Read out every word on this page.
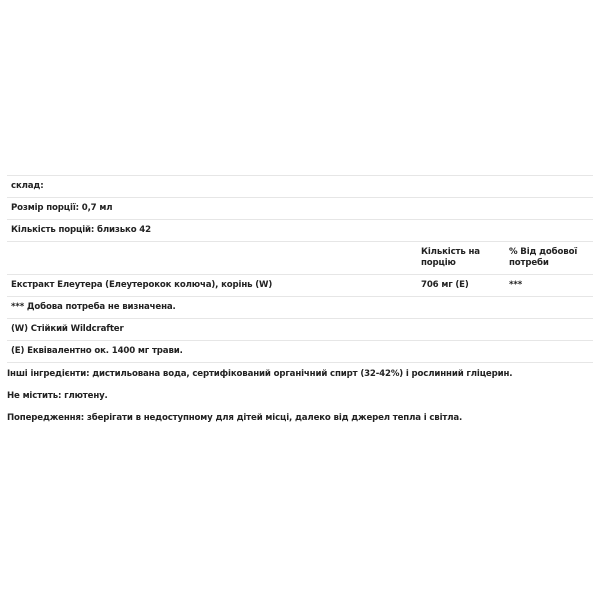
склад:		
Розмір порції: 0,7 мл		
Кількість порцій: близько 42		
	Кількість на порцію	% Від добової потреби
Екстракт Елеутера (Елеутерокок колюча), корінь (W)	706 мг (E)	***
*** Добова потреба не визначена.		
(W) Стійкий Wildcrafter		
(E) Еквівалентно ок. 1400 мг трави.		

Інші інгредієнти: дистильована вода, сертифікований органічний спирт (32-42%) і рослинний гліцерин.

Не містить: глютену.

Попередження: зберігати в недоступному для дітей місці, далеко від джерел тепла і світла.
